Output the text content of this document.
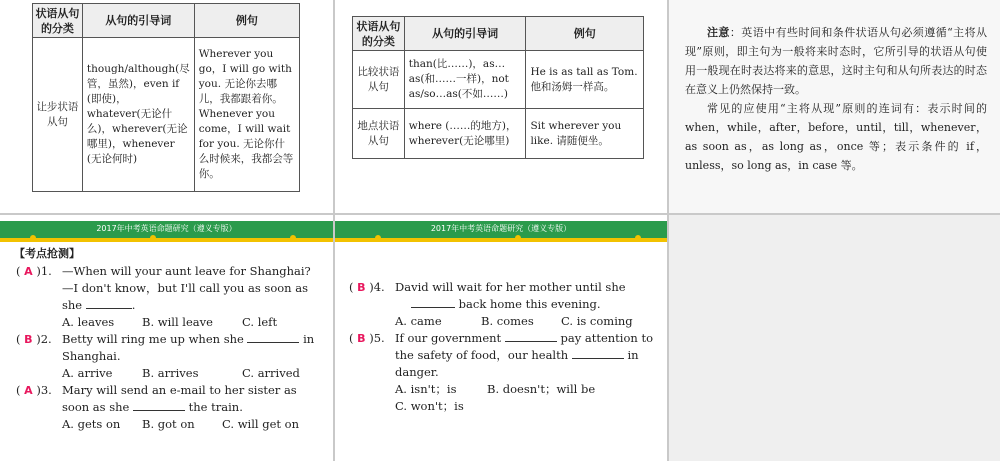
状语从句的分类	从句的引导词	例句
让步状语从句	though/although(尽管，虽然)，even if (即使)，whatever(无论什么)，wherever(无论哪里)，whenever (无论何时)	Wherever you go，I will go with you. 无论你去哪儿，我都跟着你。
Whenever you come，I will wait for you. 无论你什么时候来，我都会等你。
状语从句的分类	从句的引导词	例句
比较状语从句	than(比……)，as…as(和……一样)，not as/so…as(不如……)	He is as tall as Tom. 他和汤姆一样高。
地点状语从句	where (……的地方)，wherever(无论哪里)	Sit wherever you like. 请随便坐。

注意：英语中有些时间和条件状语从句必须遵循“主将从现”原则，即主句为一般将来时态时，它所引导的状语从句使用一般现在时表达将来的意思，这时主句和从句所表达的时态在意义上仍然保持一致。

常见的应使用“主将从现”原则的连词有：表示时间的 when，while，after，before，until，till，whenever，as soon as，as long as，once 等；表示条件的 if，unless，so long as，in case 等。

2017年中考英语命题研究（遵义专版）
【考点抢测】
( A )1. —When will your aunt leave for Shanghai?
—I don't know，but I'll call you as soon as
she	.
A. leaves B. will leave	C. left
( B )2. Betty will ring me up when she	in
Shanghai.
A. arrive	B. arrives	C. arrived
( A )3. Mary will send an e-mail to her sister as
soon as she	the train.
A. gets on B. got on C. will get on
2017年中考英语命题研究（遵义专版）
( B )4. David will wait for her mother until she
back home this evening.
A. came	B. comes C. is coming
( B )5. If our government	pay attention to
the safety of food，our health	in
danger.
A. isn't；is	B. doesn't；will be
C. won't；is
